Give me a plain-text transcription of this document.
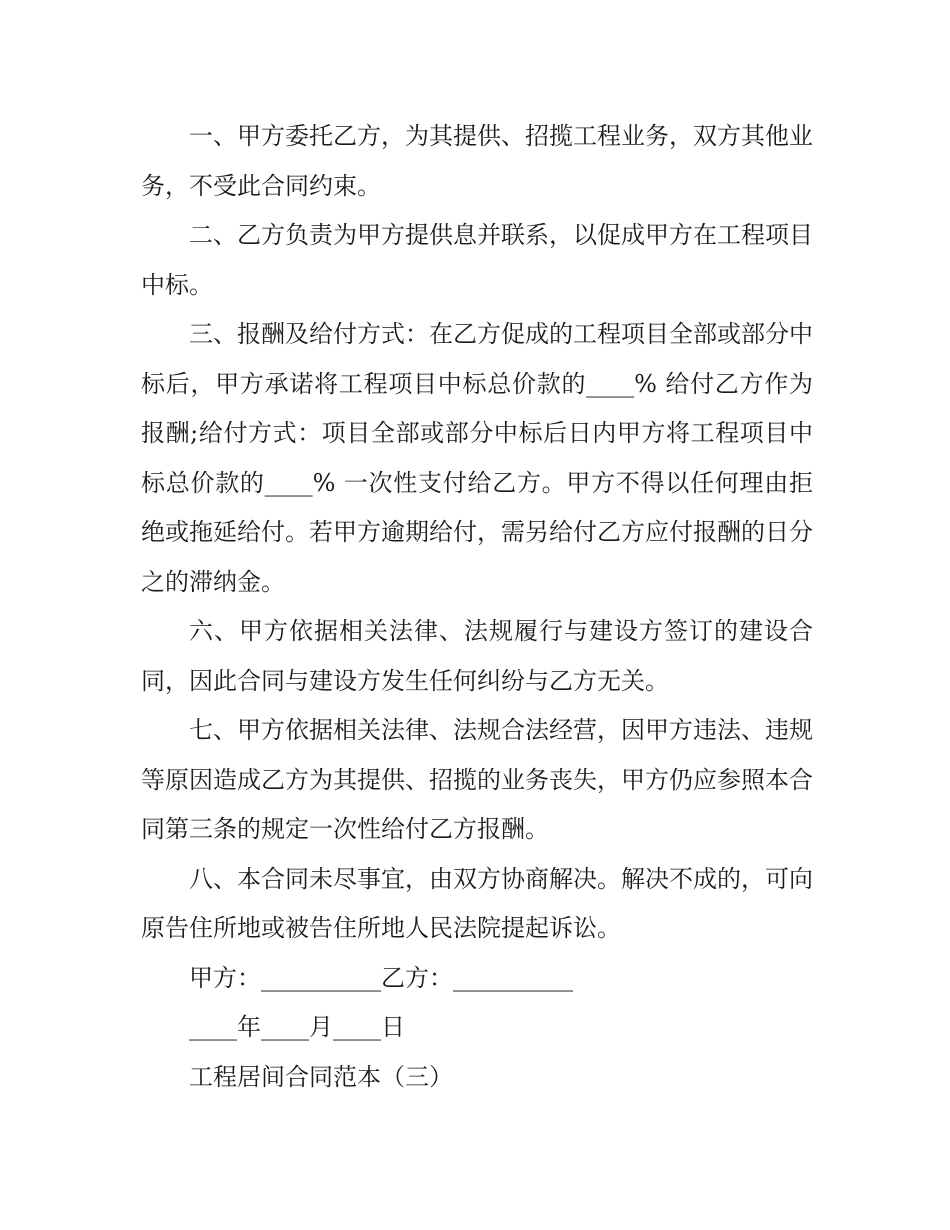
一、甲方委托乙方，为其提供、招揽工程业务，双方其他业务，不受此合同约束。

二、乙方负责为甲方提供息并联系，以促成甲方在工程项目中标。

三、报酬及给付方式：在乙方促成的工程项目全部或部分中标后，甲方承诺将工程项目中标总价款的____% 给付乙方作为报酬;给付方式：项目全部或部分中标后日内甲方将工程项目中标总价款的____% 一次性支付给乙方。甲方不得以任何理由拒绝或拖延给付。若甲方逾期给付，需另给付乙方应付报酬的日分之的滞纳金。

六、甲方依据相关法律、法规履行与建设方签订的建设合同，因此合同与建设方发生任何纠纷与乙方无关。

七、甲方依据相关法律、法规合法经营，因甲方违法、违规等原因造成乙方为其提供、招揽的业务丧失，甲方仍应参照本合同第三条的规定一次性给付乙方报酬。

八、本合同未尽事宜，由双方协商解决。解决不成的，可向原告住所地或被告住所地人民法院提起诉讼。

甲方：__________乙方：__________

____年____月____日

工程居间合同范本（三）
